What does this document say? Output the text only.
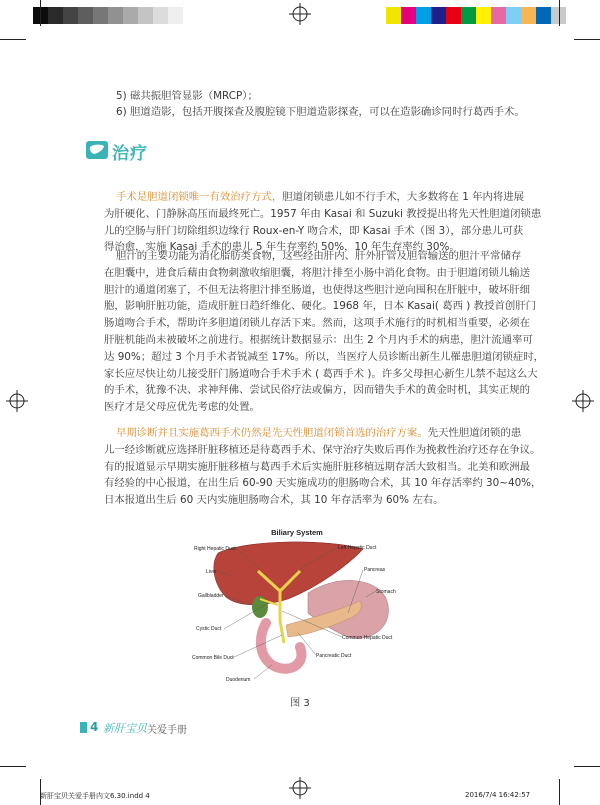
5) 磁共振胆管显影（MRCP）；
6) 胆道造影，包括开腹探查及腹腔镜下胆道造影探查，可以在造影确诊同时行葛西手术。
治疗
手术是胆道闭锁唯一有效治疗方式，胆道闭锁患儿如不行手术，大多数将在 1 年内将进展
为肝硬化、门静脉高压而最终死亡。1957 年由 Kasai 和 Suzuki 教授提出将先天性胆道闭锁患
儿的空肠与肝门切除组织边缘行 Roux-en-Y 吻合术，即 Kasai 手术（图 3），部分患儿可获
得治愈，实施 Kasai 手术的患儿 5 年生存率约 50%，10 年生存率约 30%。
胆汁的主要功能为消化脂肪类食物，这些经由肝内、肝外肝管及胆管输送的胆汁平常储存
在胆囊中，进食后藉由食物刺激收缩胆囊，将胆汁排至小肠中消化食物。由于胆道闭锁儿输送
胆汁的通道闭塞了，不但无法将胆汁排至肠道，也使得这些胆汁逆向囤积在肝脏中，破坏肝细
胞，影响肝脏功能，造成肝脏日趋纤维化、硬化。1968 年，日本 Kasai( 葛西 ) 教授首创肝门
肠道吻合手术，帮助许多胆道闭锁儿存活下来。然而，这项手术施行的时机相当重要，必须在
肝脏机能尚未被破坏之前进行。根据统计数据显示：出生 2 个月内手术的病患，胆汁流通率可
达 90%；超过 3 个月手术者锐减至 17%。所以，当医疗人员诊断出新生儿罹患胆道闭锁症时，
家长应尽快让幼儿接受肝门肠道吻合手术手术 ( 葛西手术 )。许多父母担心新生儿禁不起这么大
的手术，犹豫不决、求神拜佛、尝试民俗疗法或偏方，因而错失手术的黄金时机，其实正规的
医疗才是父母应优先考虑的处置。
早期诊断并且实施葛西手术仍然是先天性胆道闭锁首选的治疗方案。先天性胆道闭锁的患
儿一经诊断就应选择肝脏移植还是待葛西手术、保守治疗失败后再作为挽救性治疗还存在争议。
有的报道显示早期实施肝脏移植与葛西手术后实施肝脏移植远期存活大致相当。北美和欧洲最
有经验的中心报道，在出生后 60-90 天实施成功的胆肠吻合术，其 10 年存活率约 30~40%，
日本报道出生后 60 天内实施胆肠吻合术，其 10 年存活率为 60% 左右。
Biliary System
Right Hepatic Duct	Left Hepatic Duct
Liver	Pancreas
Stomach
Gallbladder
Cystic Duct
Common Hepatic Duct
Common Bile Duct	Pancreatic Duct
Duodenum
图 3
4 新肝宝贝 关爱手册
新肝宝贝关爱手册内文6.30.indd 4	2016/7/4 16:42:57
